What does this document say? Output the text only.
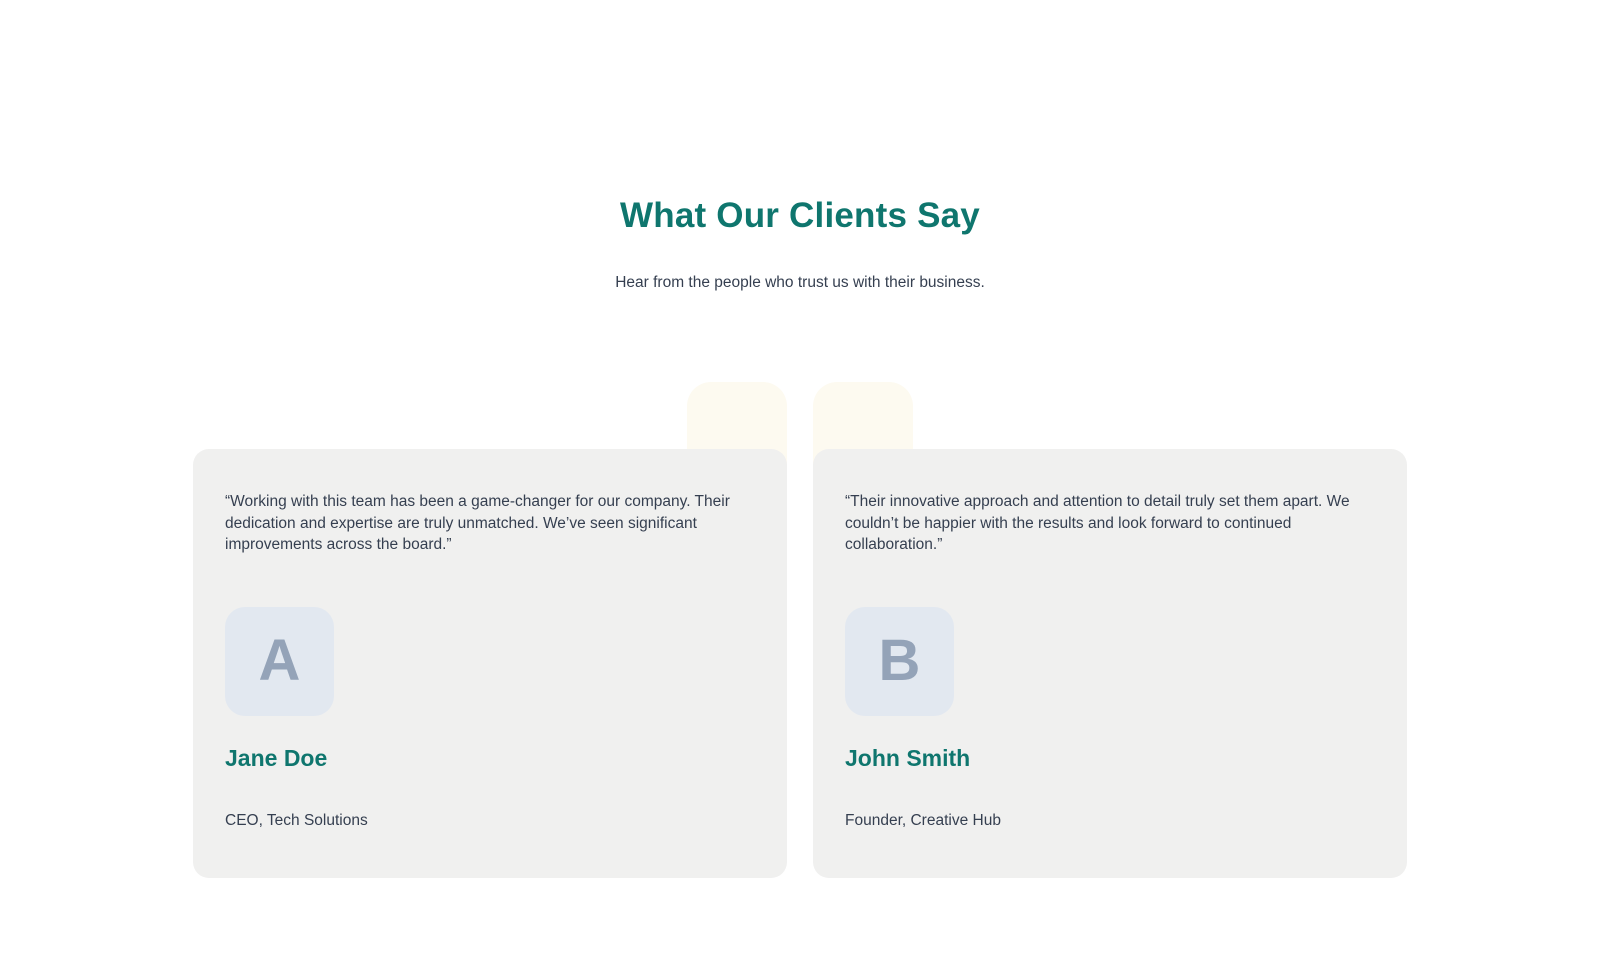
What Our Clients Say

Hear from the people who trust us with their business.

“Working with this team has been a game-changer for our company. Their dedication and expertise are truly unmatched. We’ve seen significant improvements across the board.”

A
Jane Doe
CEO, Tech Solutions

“Their innovative approach and attention to detail truly set them apart. We couldn’t be happier with the results and look forward to continued collaboration.”

B
John Smith
Founder, Creative Hub
